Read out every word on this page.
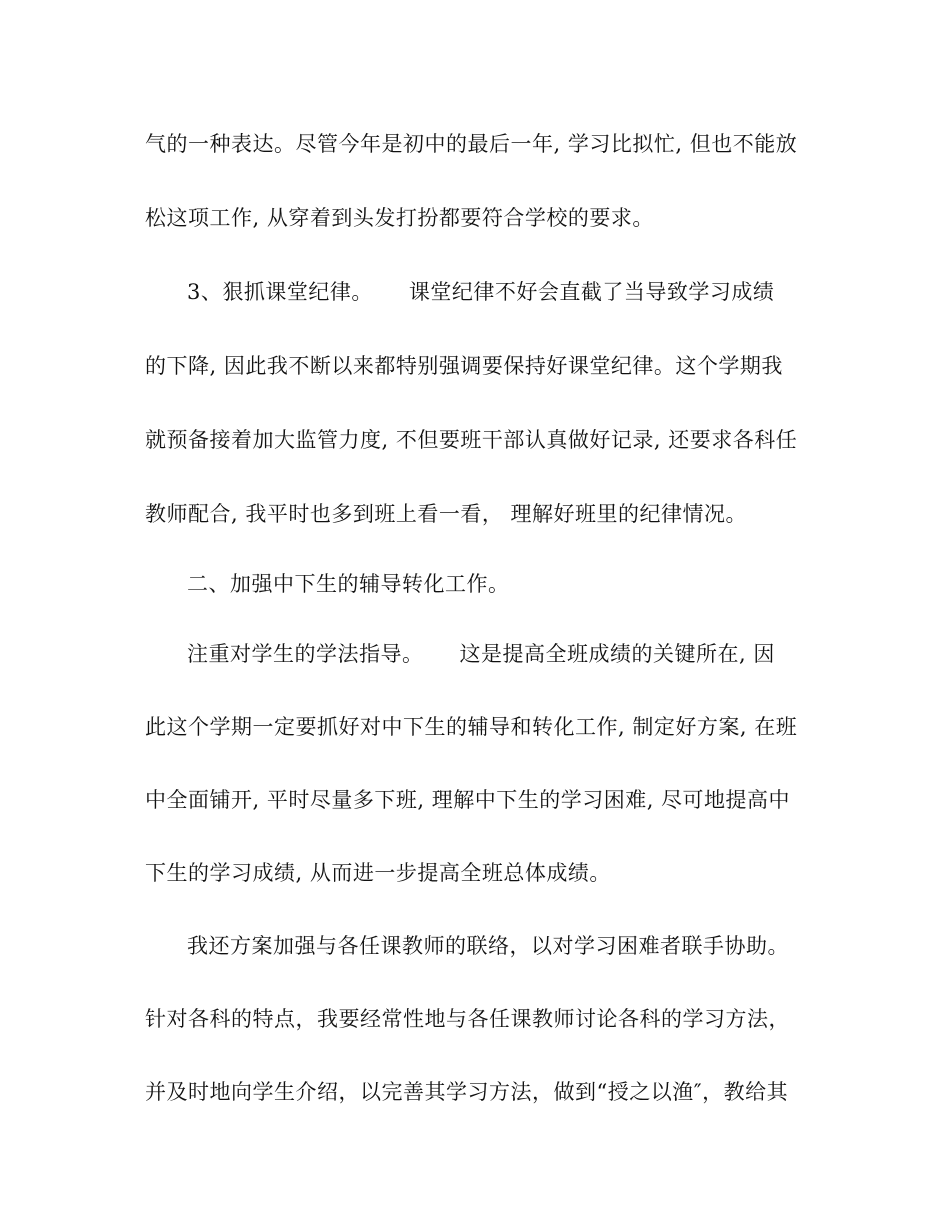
气的一种表达。尽管今年是初中的最后一年, 学习比拟忙, 但也不能放
松这项工作, 从穿着到头发打扮都要符合学校的要求。
3、狠抓课堂纪律。 课堂纪律不好会直截了当导致学习成绩
的下降, 因此我不断以来都特别强调要保持好课堂纪律。这个学期我
就预备接着加大监管力度, 不但要班干部认真做好记录, 还要求各科任
教师配合, 我平时也多到班上看一看， 理解好班里的纪律情况。
二、加强中下生的辅导转化工作。
注重对学生的学法指导。 这是提高全班成绩的关键所在, 因
此这个学期一定要抓好对中下生的辅导和转化工作, 制定好方案, 在班
中全面铺开, 平时尽量多下班, 理解中下生的学习困难, 尽可地提高中
下生的学习成绩, 从而进一步提高全班总体成绩。
我还方案加强与各任课教师的联络，以对学习困难者联手协助。
针对各科的特点，我要经常性地与各任课教师讨论各科的学习方法，
并及时地向学生介绍，以完善其学习方法，做到“授之以渔″，教给其
